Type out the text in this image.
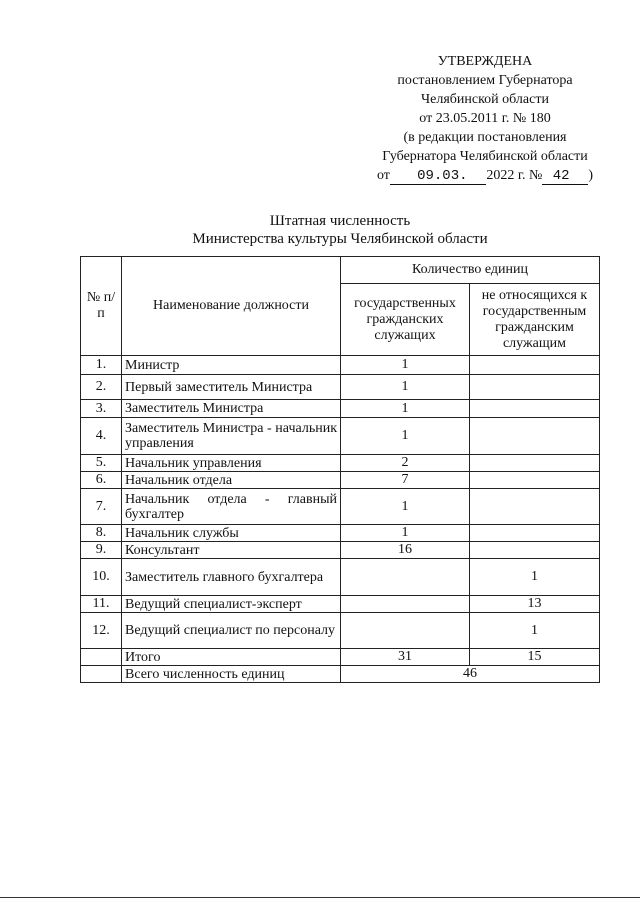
УТВЕРЖДЕНА
постановлением Губернатора
Челябинской области
от 23.05.2011 г. № 180
(в редакции постановления
Губернатора Челябинской области
от 09.03. 2022 г. № 42 )
Штатная численность
Министерства культуры Челябинской области
№ п/п	Наименование должности	Количество единиц	
		государственных гражданских служащих	не относящихся к государственным гражданским служащим
1.	Министр	1	
2.	Первый заместитель Министра	1	
3.	Заместитель Министра	1	
4.	Заместитель Министра - начальник управления	1	
5.	Начальник управления	2	
6.	Начальник отдела	7	
7.	Начальник отдела - главный бухгалтер	1	
8.	Начальник службы	1	
9.	Консультант	16	
10.	Заместитель главного бухгалтера		1
11.	Ведущий специалист-эксперт		13
12.	Ведущий специалист по персоналу		1
	Итого	31	15
	Всего численность единиц	46	
